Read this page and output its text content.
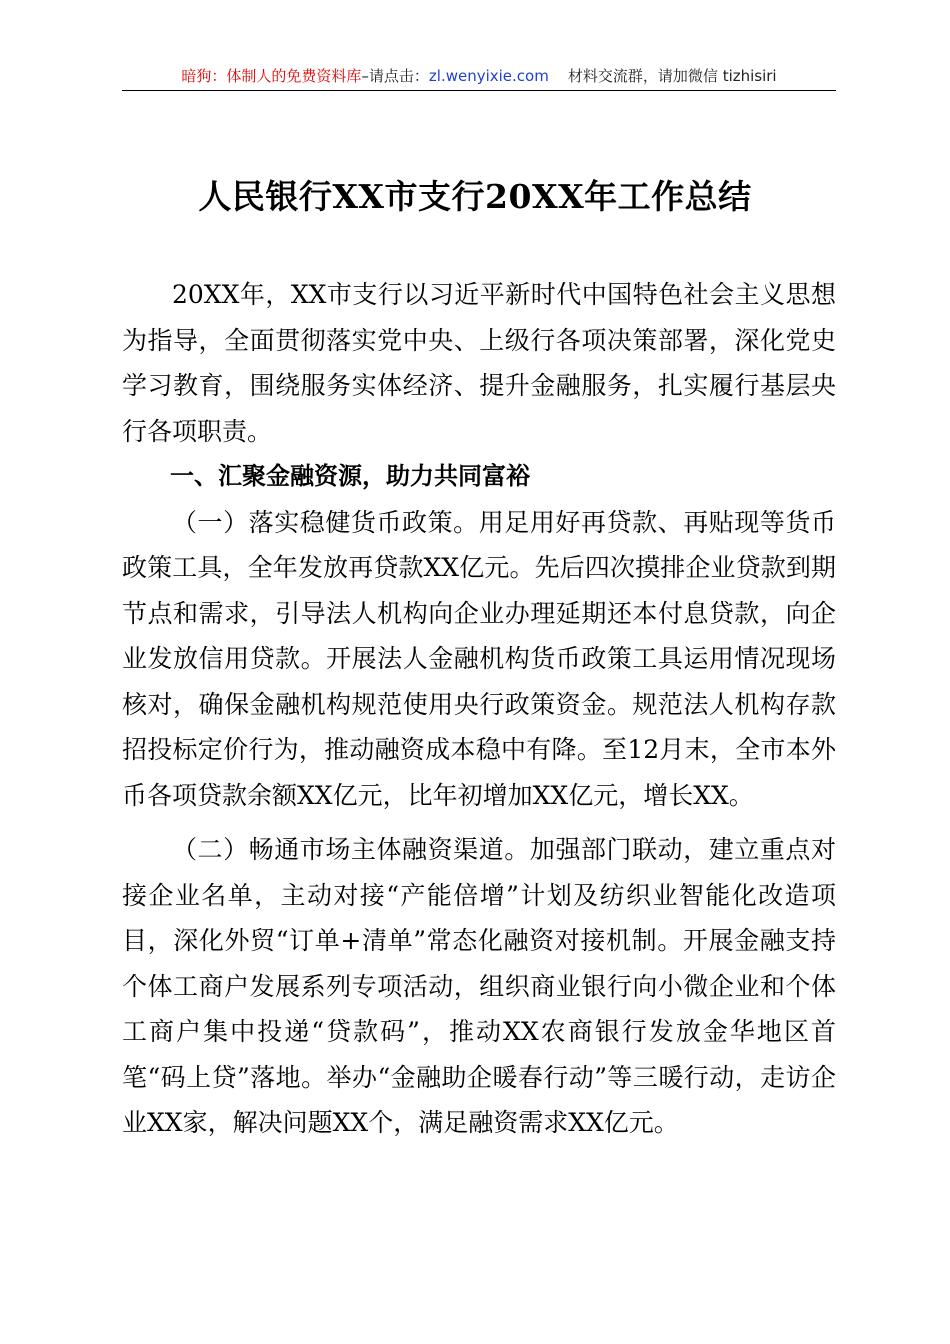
暗狗：体制人的免费资料库–请点击：zl.wenyixie.com 材料交流群，请加微信 tizhisiri
人民银行XX市支行20XX年工作总结

20XX年，XX市支行以习近平新时代中国特色社会主义思想为指导，全面贯彻落实党中央、上级行各项决策部署，深化党史学习教育，围绕服务实体经济、提升金融服务，扎实履行基层央行各项职责。

一、汇聚金融资源，助力共同富裕

（一）落实稳健货币政策。用足用好再贷款、再贴现等货币政策工具，全年发放再贷款XX亿元。先后四次摸排企业贷款到期节点和需求，引导法人机构向企业办理延期还本付息贷款，向企业发放信用贷款。开展法人金融机构货币政策工具运用情况现场核对，确保金融机构规范使用央行政策资金。规范法人机构存款招投标定价行为，推动融资成本稳中有降。至12月末，全市本外币各项贷款余额XX亿元，比年初增加XX亿元，增长XX。

（二）畅通市场主体融资渠道。加强部门联动，建立重点对接企业名单，主动对接“产能倍增”计划及纺织业智能化改造项目，深化外贸“订单+清单”常态化融资对接机制。开展金融支持个体工商户发展系列专项活动，组织商业银行向小微企业和个体工商户集中投递“贷款码”，推动XX农商银行发放金华地区首笔“码上贷”落地。举办“金融助企暖春行动”等三暖行动，走访企业XX家，解决问题XX个，满足融资需求XX亿元。
